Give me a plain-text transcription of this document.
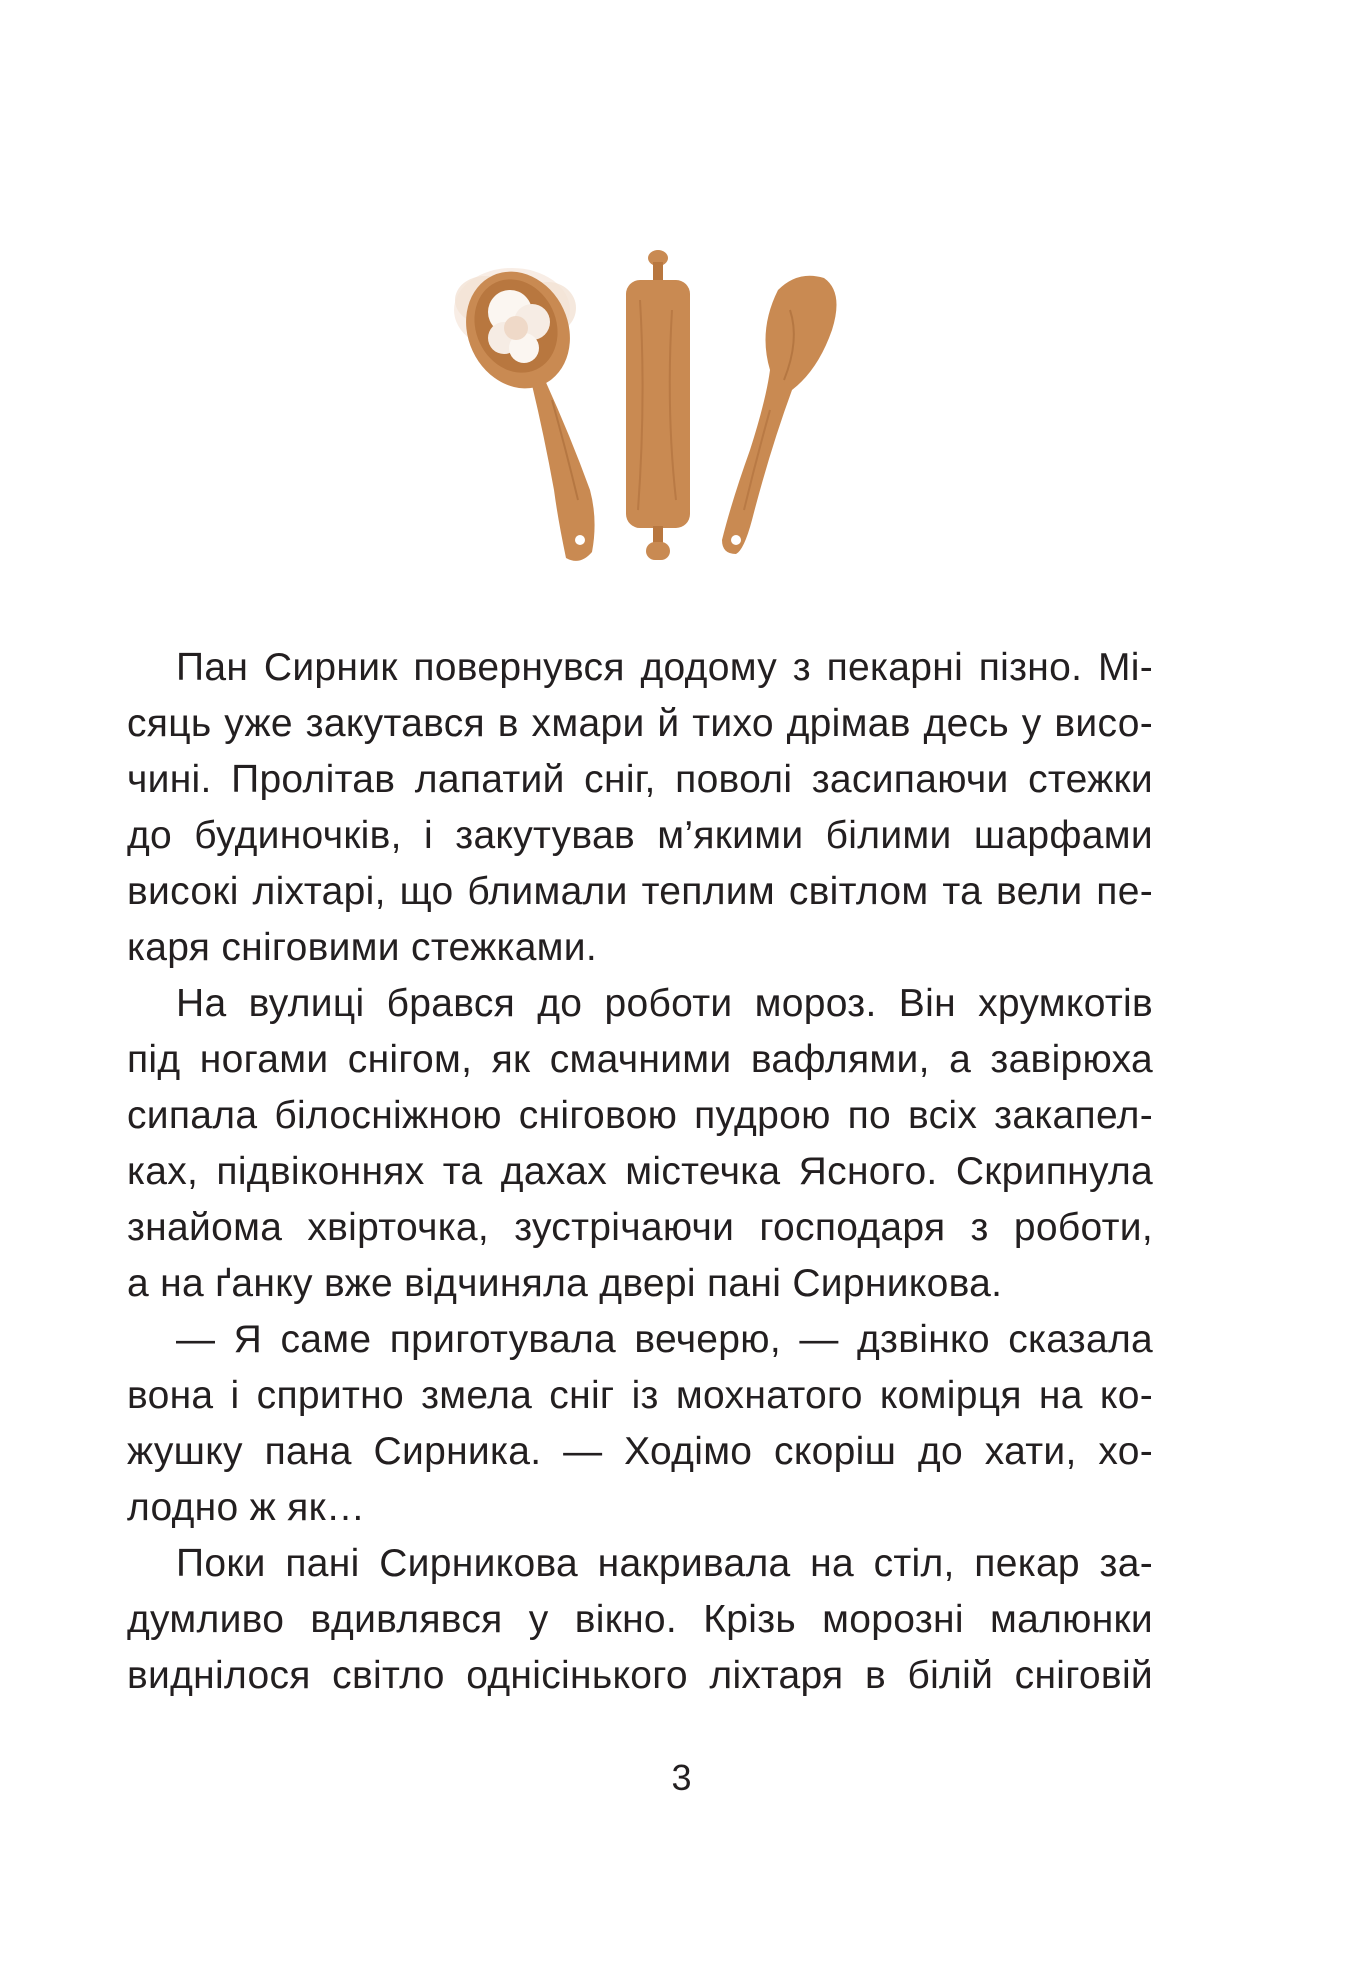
Пан Сирник повернувся додому з пекарні пізно. Мі-
сяць уже закутався в хмари й тихо дрімав десь у висо-
чині. Пролітав лапатий сніг, поволі засипаючи стежки
до будиночків, і закутував м’якими білими шарфами
високі ліхтарі, що блимали теплим світлом та вели пе-
каря сніговими стежками.
На вулиці брався до роботи мороз. Він хрумкотів
під ногами снігом, як смачними вафлями, а завірюха
сипала білосніжною сніговою пудрою по всіх закапел-
ках, підвіконнях та дахах містечка Ясного. Скрипнула
знайома хвірточка, зустрічаючи господаря з роботи,
а на ґанку вже відчиняла двері пані Сирникова.
— Я саме приготувала вечерю, — дзвінко сказала
вона і спритно змела сніг із мохнатого комірця на ко-
жушку пана Сирника. — Ходімо скоріш до хати, хо-
лодно ж як…
Поки пані Сирникова накривала на стіл, пекар за-
думливо вдивлявся у вікно. Крізь морозні малюнки
виднілося світло однісінького ліхтаря в білій сніговій
3
